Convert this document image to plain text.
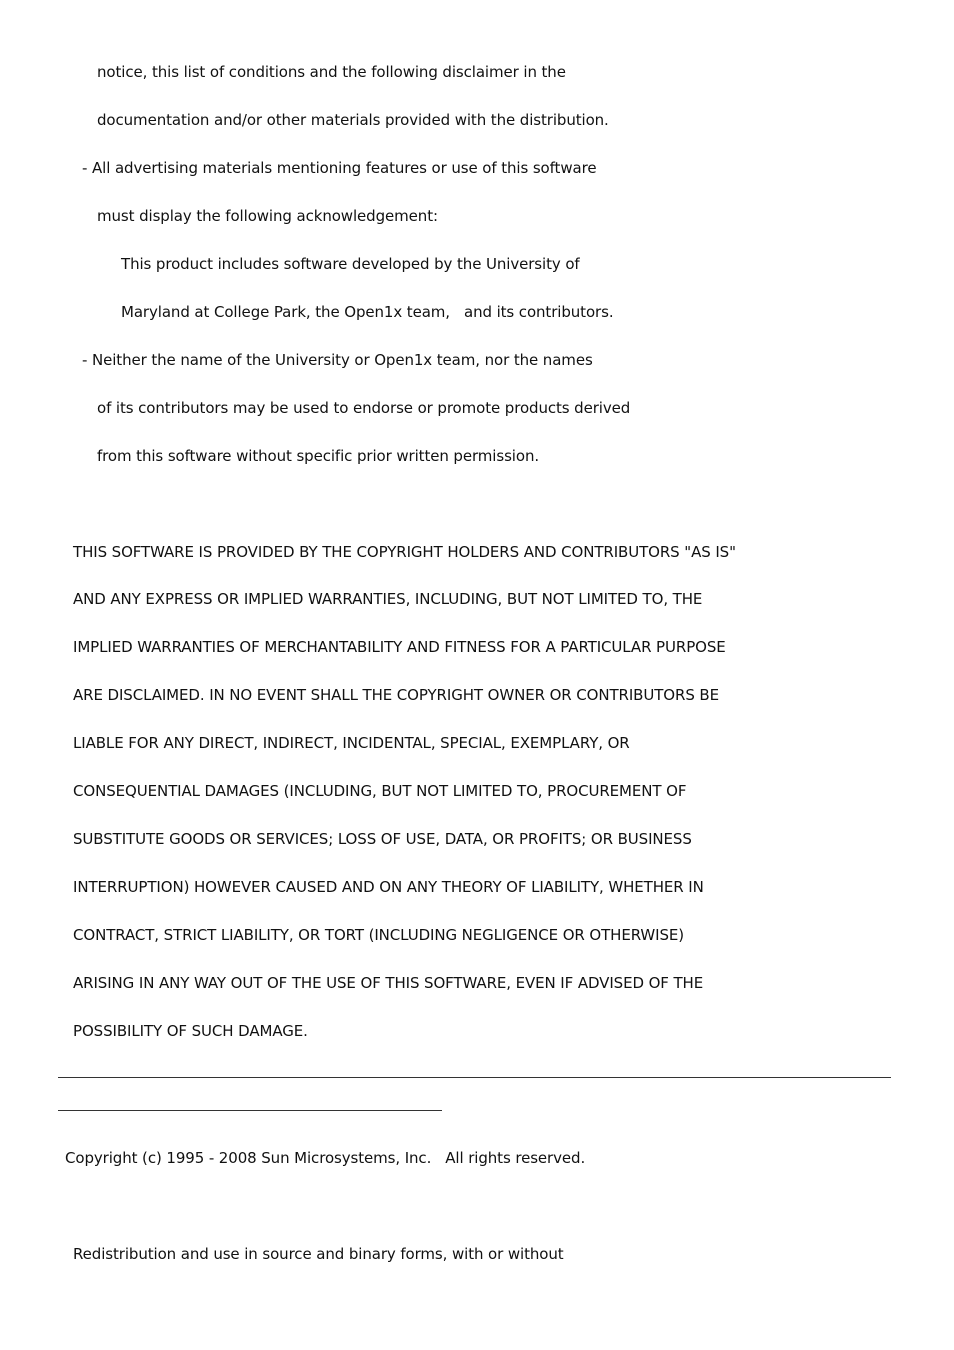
notice, this list of conditions and the following disclaimer in the
documentation and/or other materials provided with the distribution.
- All advertising materials mentioning features or use of this software
must display the following acknowledgement:
This product includes software developed by the University of
Maryland at College Park, the Open1x team,   and its contributors.
- Neither the name of the University or Open1x team, nor the names
of its contributors may be used to endorse or promote products derived
from this software without specific prior written permission.
THIS SOFTWARE IS PROVIDED BY THE COPYRIGHT HOLDERS AND CONTRIBUTORS "AS IS"
AND ANY EXPRESS OR IMPLIED WARRANTIES, INCLUDING, BUT NOT LIMITED TO, THE
IMPLIED WARRANTIES OF MERCHANTABILITY AND FITNESS FOR A PARTICULAR PURPOSE
ARE DISCLAIMED. IN NO EVENT SHALL THE COPYRIGHT OWNER OR CONTRIBUTORS BE
LIABLE FOR ANY DIRECT, INDIRECT, INCIDENTAL, SPECIAL, EXEMPLARY, OR
CONSEQUENTIAL DAMAGES (INCLUDING, BUT NOT LIMITED TO, PROCUREMENT OF
SUBSTITUTE GOODS OR SERVICES; LOSS OF USE, DATA, OR PROFITS; OR BUSINESS
INTERRUPTION) HOWEVER CAUSED AND ON ANY THEORY OF LIABILITY, WHETHER IN
CONTRACT, STRICT LIABILITY, OR TORT (INCLUDING NEGLIGENCE OR OTHERWISE)
ARISING IN ANY WAY OUT OF THE USE OF THIS SOFTWARE, EVEN IF ADVISED OF THE
POSSIBILITY OF SUCH DAMAGE.
Copyright (c) 1995 - 2008 Sun Microsystems, Inc.   All rights reserved.
Redistribution and use in source and binary forms, with or without
